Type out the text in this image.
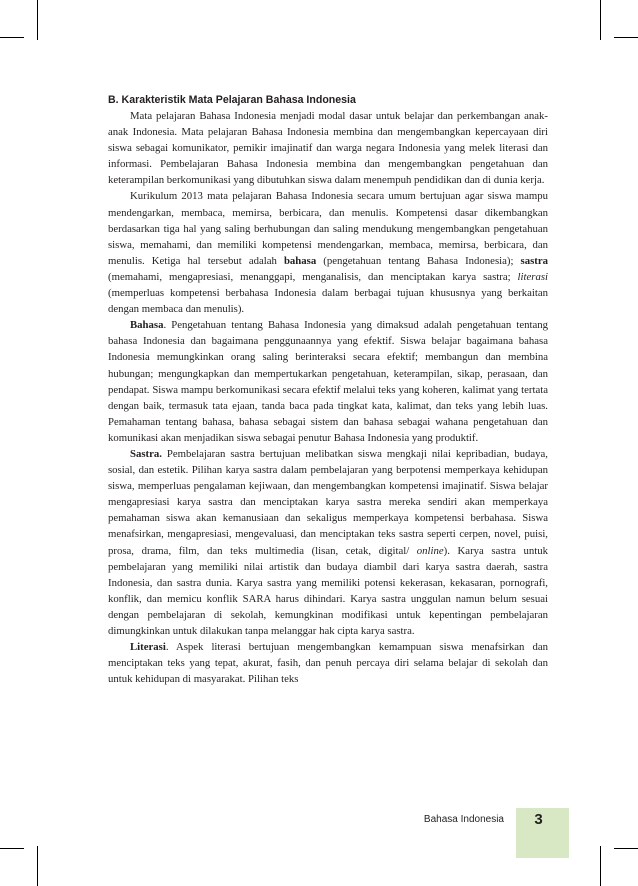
B. Karakteristik Mata Pelajaran Bahasa Indonesia

Mata pelajaran Bahasa Indonesia menjadi modal dasar untuk belajar dan perkembangan anak-anak Indonesia. Mata pelajaran Bahasa Indonesia membina dan mengembangkan kepercayaan diri siswa sebagai komunikator, pemikir imajinatif dan warga negara Indonesia yang melek literasi dan informasi. Pembelajaran Bahasa Indonesia membina dan mengembangkan pengetahuan dan keterampilan berkomunikasi yang dibutuhkan siswa dalam menempuh pendidikan dan di dunia kerja.

Kurikulum 2013 mata pelajaran Bahasa Indonesia secara umum bertujuan agar siswa mampu mendengarkan, membaca, memirsa, berbicara, dan menulis. Kompetensi dasar dikembangkan berdasarkan tiga hal yang saling berhubungan dan saling mendukung mengembangkan pengetahuan siswa, memahami, dan memiliki kompetensi mendengarkan, membaca, memirsa, berbicara, dan menulis. Ketiga hal tersebut adalah bahasa (pengetahuan tentang Bahasa Indonesia); sastra (memahami, mengapresiasi, menanggapi, menganalisis, dan menciptakan karya sastra; literasi (memperluas kompetensi berbahasa Indonesia dalam berbagai tujuan khususnya yang berkaitan dengan membaca dan menulis).

Bahasa. Pengetahuan tentang Bahasa Indonesia yang dimaksud adalah pengetahuan tentang bahasa Indonesia dan bagaimana penggunaannya yang efektif. Siswa belajar bagaimana bahasa Indonesia memungkinkan orang saling berinteraksi secara efektif; membangun dan membina hubungan; mengungkapkan dan mempertukarkan pengetahuan, keterampilan, sikap, perasaan, dan pendapat. Siswa mampu berkomunikasi secara efektif melalui teks yang koheren, kalimat yang tertata dengan baik, termasuk tata ejaan, tanda baca pada tingkat kata, kalimat, dan teks yang lebih luas. Pemahaman tentang bahasa, bahasa sebagai sistem dan bahasa sebagai wahana pengetahuan dan komunikasi akan menjadikan siswa sebagai penutur Bahasa Indonesia yang produktif.

Sastra. Pembelajaran sastra bertujuan melibatkan siswa mengkaji nilai kepribadian, budaya, sosial, dan estetik. Pilihan karya sastra dalam pembelajaran yang berpotensi memperkaya kehidupan siswa, memperluas pengalaman kejiwaan, dan mengembangkan kompetensi imajinatif. Siswa belajar mengapresiasi karya sastra dan menciptakan karya sastra mereka sendiri akan memperkaya pemahaman siswa akan kemanusiaan dan sekaligus memperkaya kompetensi berbahasa. Siswa menafsirkan, mengapresiasi, mengevaluasi, dan menciptakan teks sastra seperti cerpen, novel, puisi, prosa, drama, film, dan teks multimedia (lisan, cetak, digital/ online). Karya sastra untuk pembelajaran yang memiliki nilai artistik dan budaya diambil dari karya sastra daerah, sastra Indonesia, dan sastra dunia. Karya sastra yang memiliki potensi kekerasan, kekasaran, pornografi, konflik, dan memicu konflik SARA harus dihindari. Karya sastra unggulan namun belum sesuai dengan pembelajaran di sekolah, kemungkinan modifikasi untuk kepentingan pembelajaran dimungkinkan untuk dilakukan tanpa melanggar hak cipta karya sastra.

Literasi. Aspek literasi bertujuan mengembangkan kemampuan siswa menafsirkan dan menciptakan teks yang tepat, akurat, fasih, dan penuh percaya diri selama belajar di sekolah dan untuk kehidupan di masyarakat. Pilihan teks

Bahasa Indonesia	3
